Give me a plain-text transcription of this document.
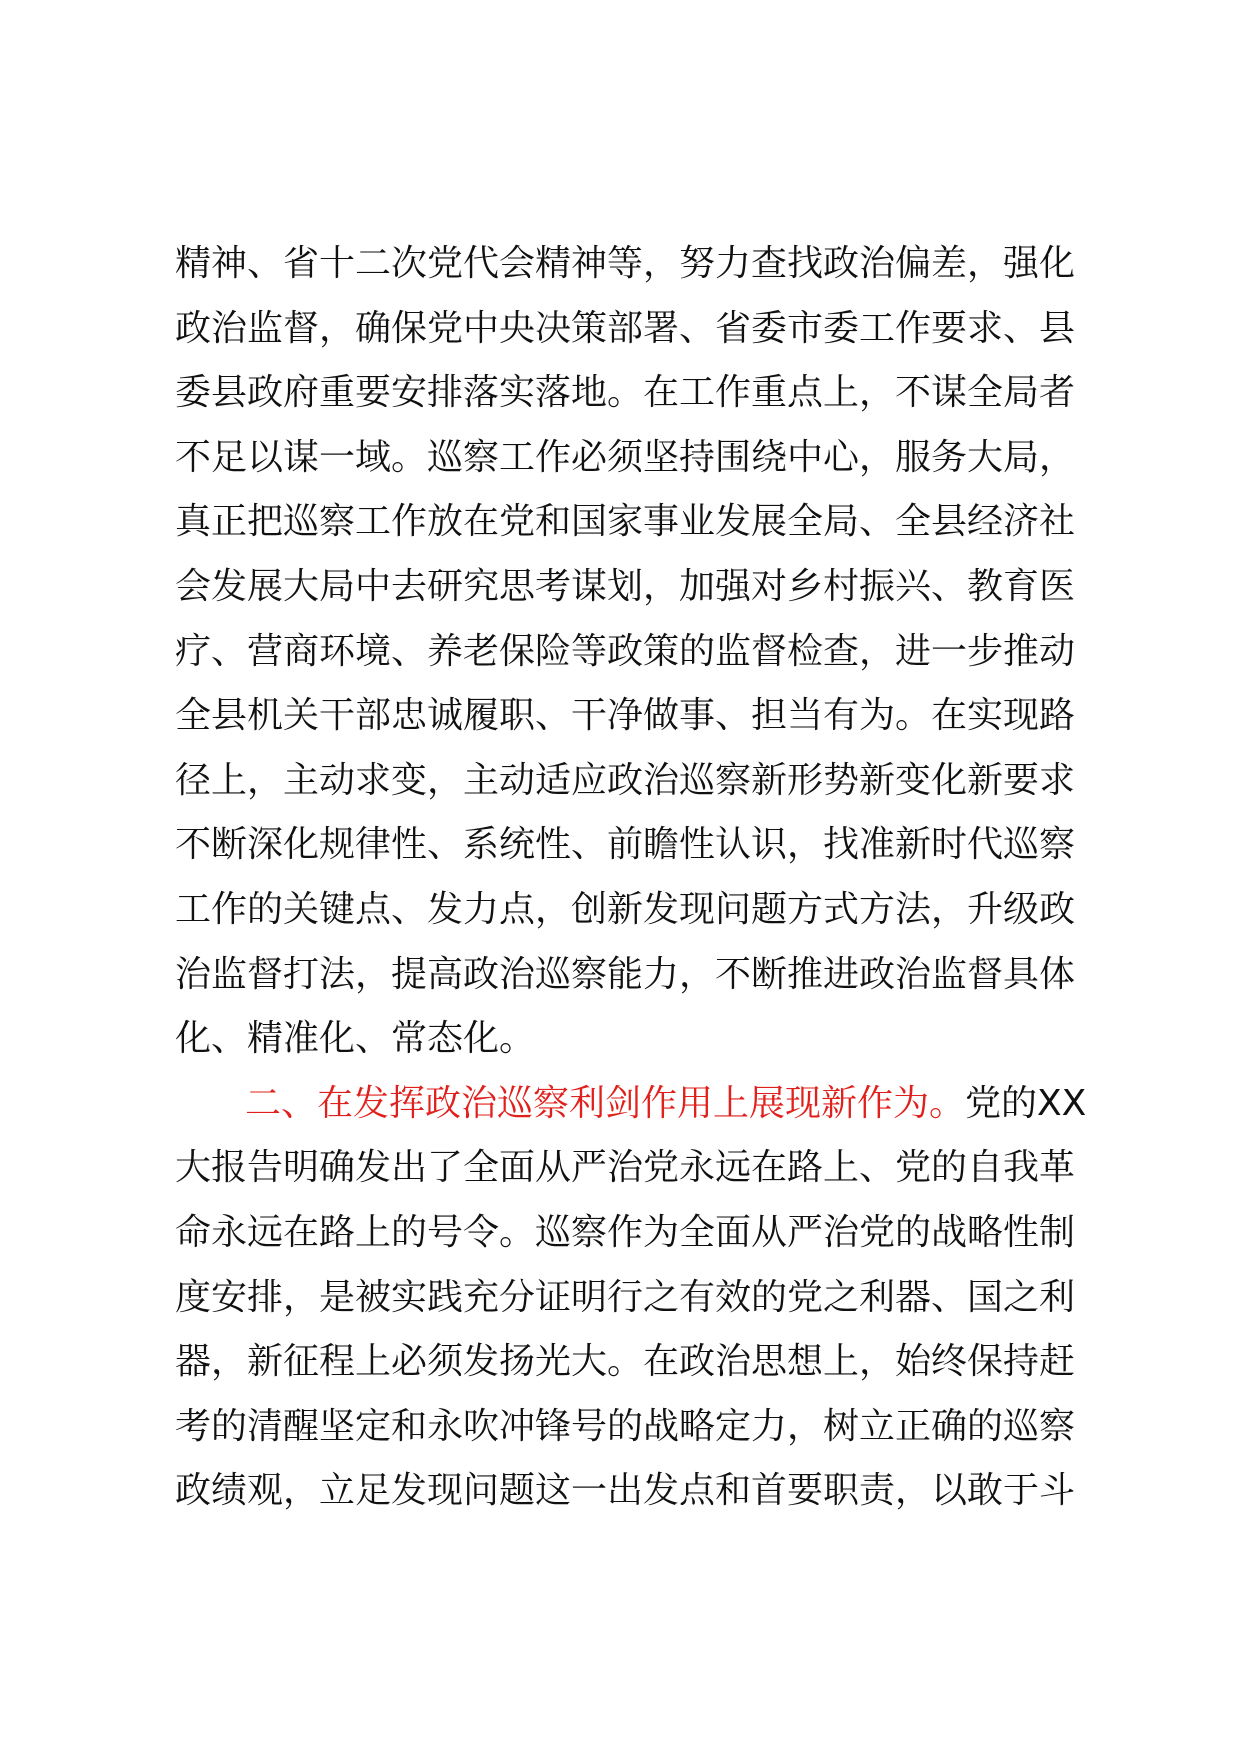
精神、省十二次党代会精神等，努力查找政治偏差，强化
政治监督，确保党中央决策部署、省委市委工作要求、县
委县政府重要安排落实落地。在工作重点上，不谋全局者
不足以谋一域。巡察工作必须坚持围绕中心，服务大局，
真正把巡察工作放在党和国家事业发展全局、全县经济社
会发展大局中去研究思考谋划，加强对乡村振兴、教育医
疗、营商环境、养老保险等政策的监督检查，进一步推动
全县机关干部忠诚履职、干净做事、担当有为。在实现路
径上，主动求变，主动适应政治巡察新形势新变化新要求
不断深化规律性、系统性、前瞻性认识，找准新时代巡察
工作的关键点、发力点，创新发现问题方式方法，升级政
治监督打法，提高政治巡察能力，不断推进政治监督具体
化、精准化、常态化。
二、在发挥政治巡察利剑作用上展现新作为。党的XX
大报告明确发出了全面从严治党永远在路上、党的自我革
命永远在路上的号令。巡察作为全面从严治党的战略性制
度安排，是被实践充分证明行之有效的党之利器、国之利
器，新征程上必须发扬光大。在政治思想上，始终保持赶
考的清醒坚定和永吹冲锋号的战略定力，树立正确的巡察
政绩观，立足发现问题这一出发点和首要职责，以敢于斗
